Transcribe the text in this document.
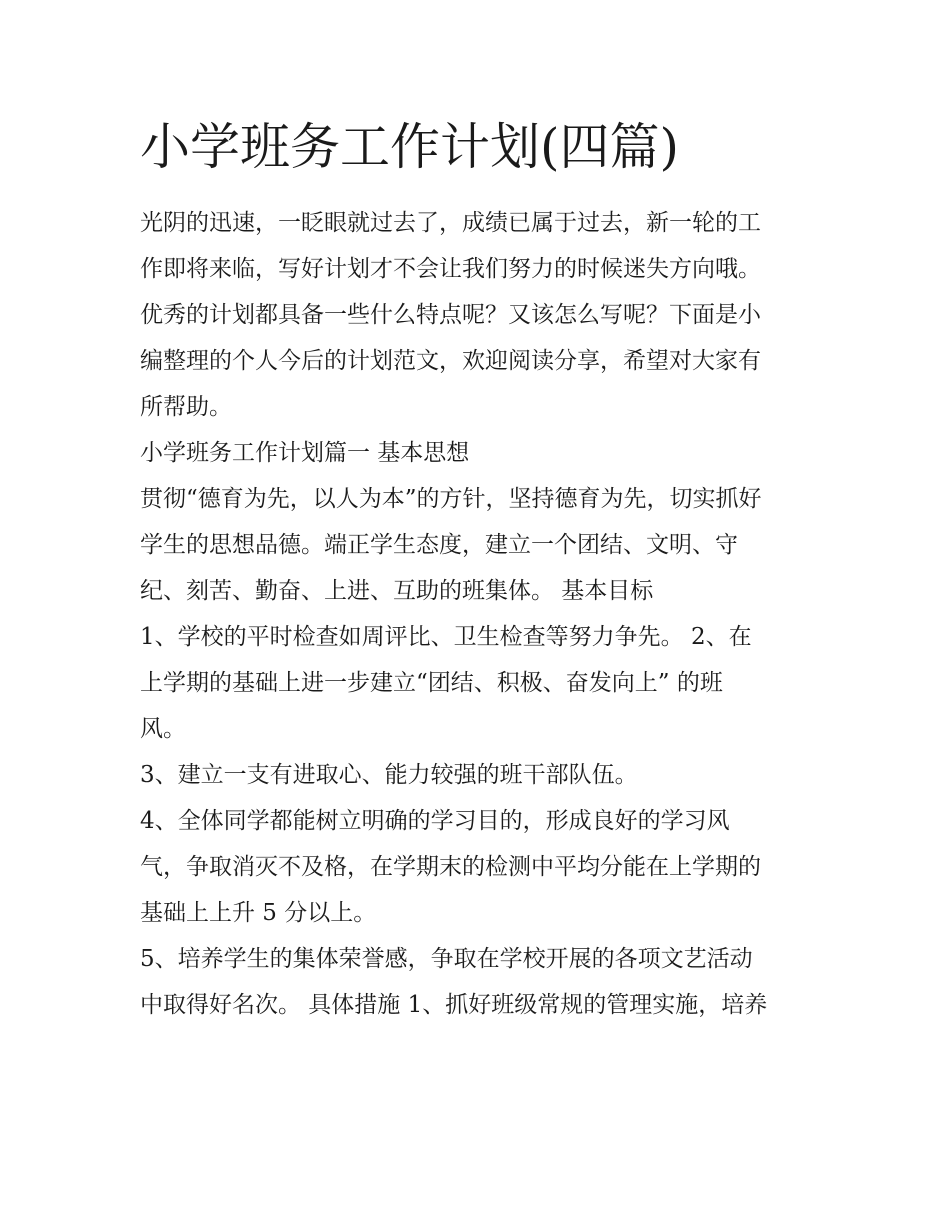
小学班务工作计划(四篇)

光阴的迅速，一眨眼就过去了，成绩已属于过去，新一轮的工

作即将来临，写好计划才不会让我们努力的时候迷失方向哦。

优秀的计划都具备一些什么特点呢？又该怎么写呢？下面是小

编整理的个人今后的计划范文，欢迎阅读分享，希望对大家有

所帮助。

小学班务工作计划篇一 基本思想

贯彻“德育为先，以人为本”的方针，坚持德育为先，切实抓好

学生的思想品德。端正学生态度，建立一个团结、文明、守

纪、刻苦、勤奋、上进、互助的班集体。 基本目标

1、学校的平时检查如周评比、卫生检查等努力争先。 2、在

上学期的基础上进一步建立“团结、积极、奋发向上” 的班

风。

3、建立一支有进取心、能力较强的班干部队伍。

4、全体同学都能树立明确的学习目的，形成良好的学习风

气，争取消灭不及格，在学期末的检测中平均分能在上学期的

基础上上升 5 分以上。

5、培养学生的集体荣誉感，争取在学校开展的各项文艺活动

中取得好名次。 具体措施 1、抓好班级常规的管理实施，培养
